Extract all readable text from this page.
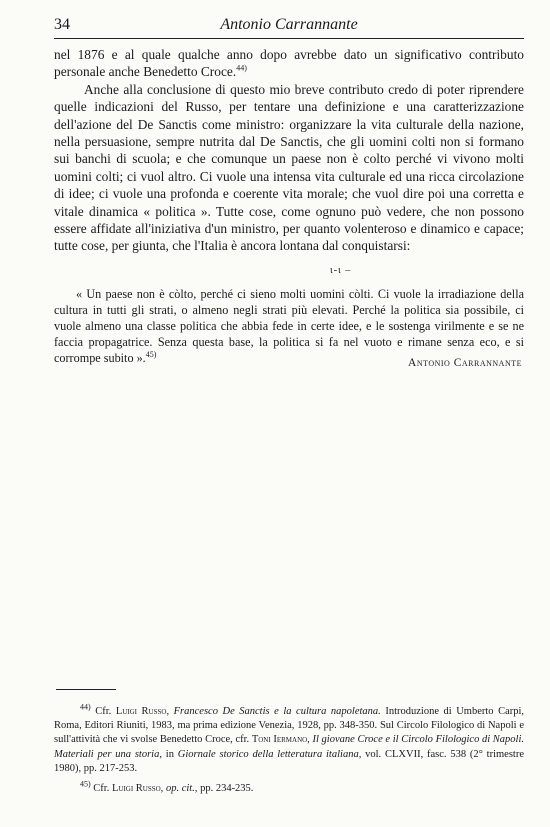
34	Antonio Carrannante

nel 1876 e al quale qualche anno dopo avrebbe dato un significativo contributo personale anche Benedetto Croce.$^{44)}$

Anche alla conclusione di questo mio breve contributo credo di poter riprendere quelle indicazioni del Russo, per tentare una definizione e una caratterizzazione dell'azione del De Sanctis come ministro: organizzare la vita culturale della nazione, nella persuasione, sempre nutrita dal De Sanctis, che gli uomini colti non si formano sui banchi di scuola; e che comunque un paese non è colto perché vi vivono molti uomini colti; ci vuol altro. Ci vuole una intensa vita culturale ed una ricca circolazione di idee; ci vuole una profonda e coerente vita morale; che vuol dire poi una corretta e vitale dinamica « politica ». Tutte cose, come ognuno può vedere, che non possono essere affidate all'iniziativa d'un ministro, per quanto volenteroso e dinamico e capace; tutte cose, per giunta, che l'Italia è ancora lontana dal conquistarsi:

ι-ι –

« Un paese non è còlto, perché ci sieno molti uomini còlti. Ci vuole la irradiazione della cultura in tutti gli strati, o almeno negli strati più elevati. Perché la politica sia possibile, ci vuole almeno una classe politica che abbia fede in certe idee, e le sostenga virilmente e se ne faccia propagatrice. Senza questa base, la politica si fa nel vuoto e rimane senza eco, e si corrompe subito ».$^{45)}$

Antonio Carrannante

$^{44)}$ Cfr. Luigi Russo, Francesco De Sanctis e la cultura napoletana. Introduzione di Umberto Carpi, Roma, Editori Riuniti, 1983, ma prima edizione Venezia, 1928, pp. 348-350. Sul Circolo Filologico di Napoli e sull'attività che vi svolse Benedetto Croce, cfr. Toni Iermano, Il giovane Croce e il Circolo Filologico di Napoli. Materiali per una storia, in Giornale storico della letteratura italiana, vol. CLXVII, fasc. 538 (2° trimestre 1980), pp. 217-253.

$^{45)}$ Cfr. Luigi Russo, op. cit., pp. 234-235.
